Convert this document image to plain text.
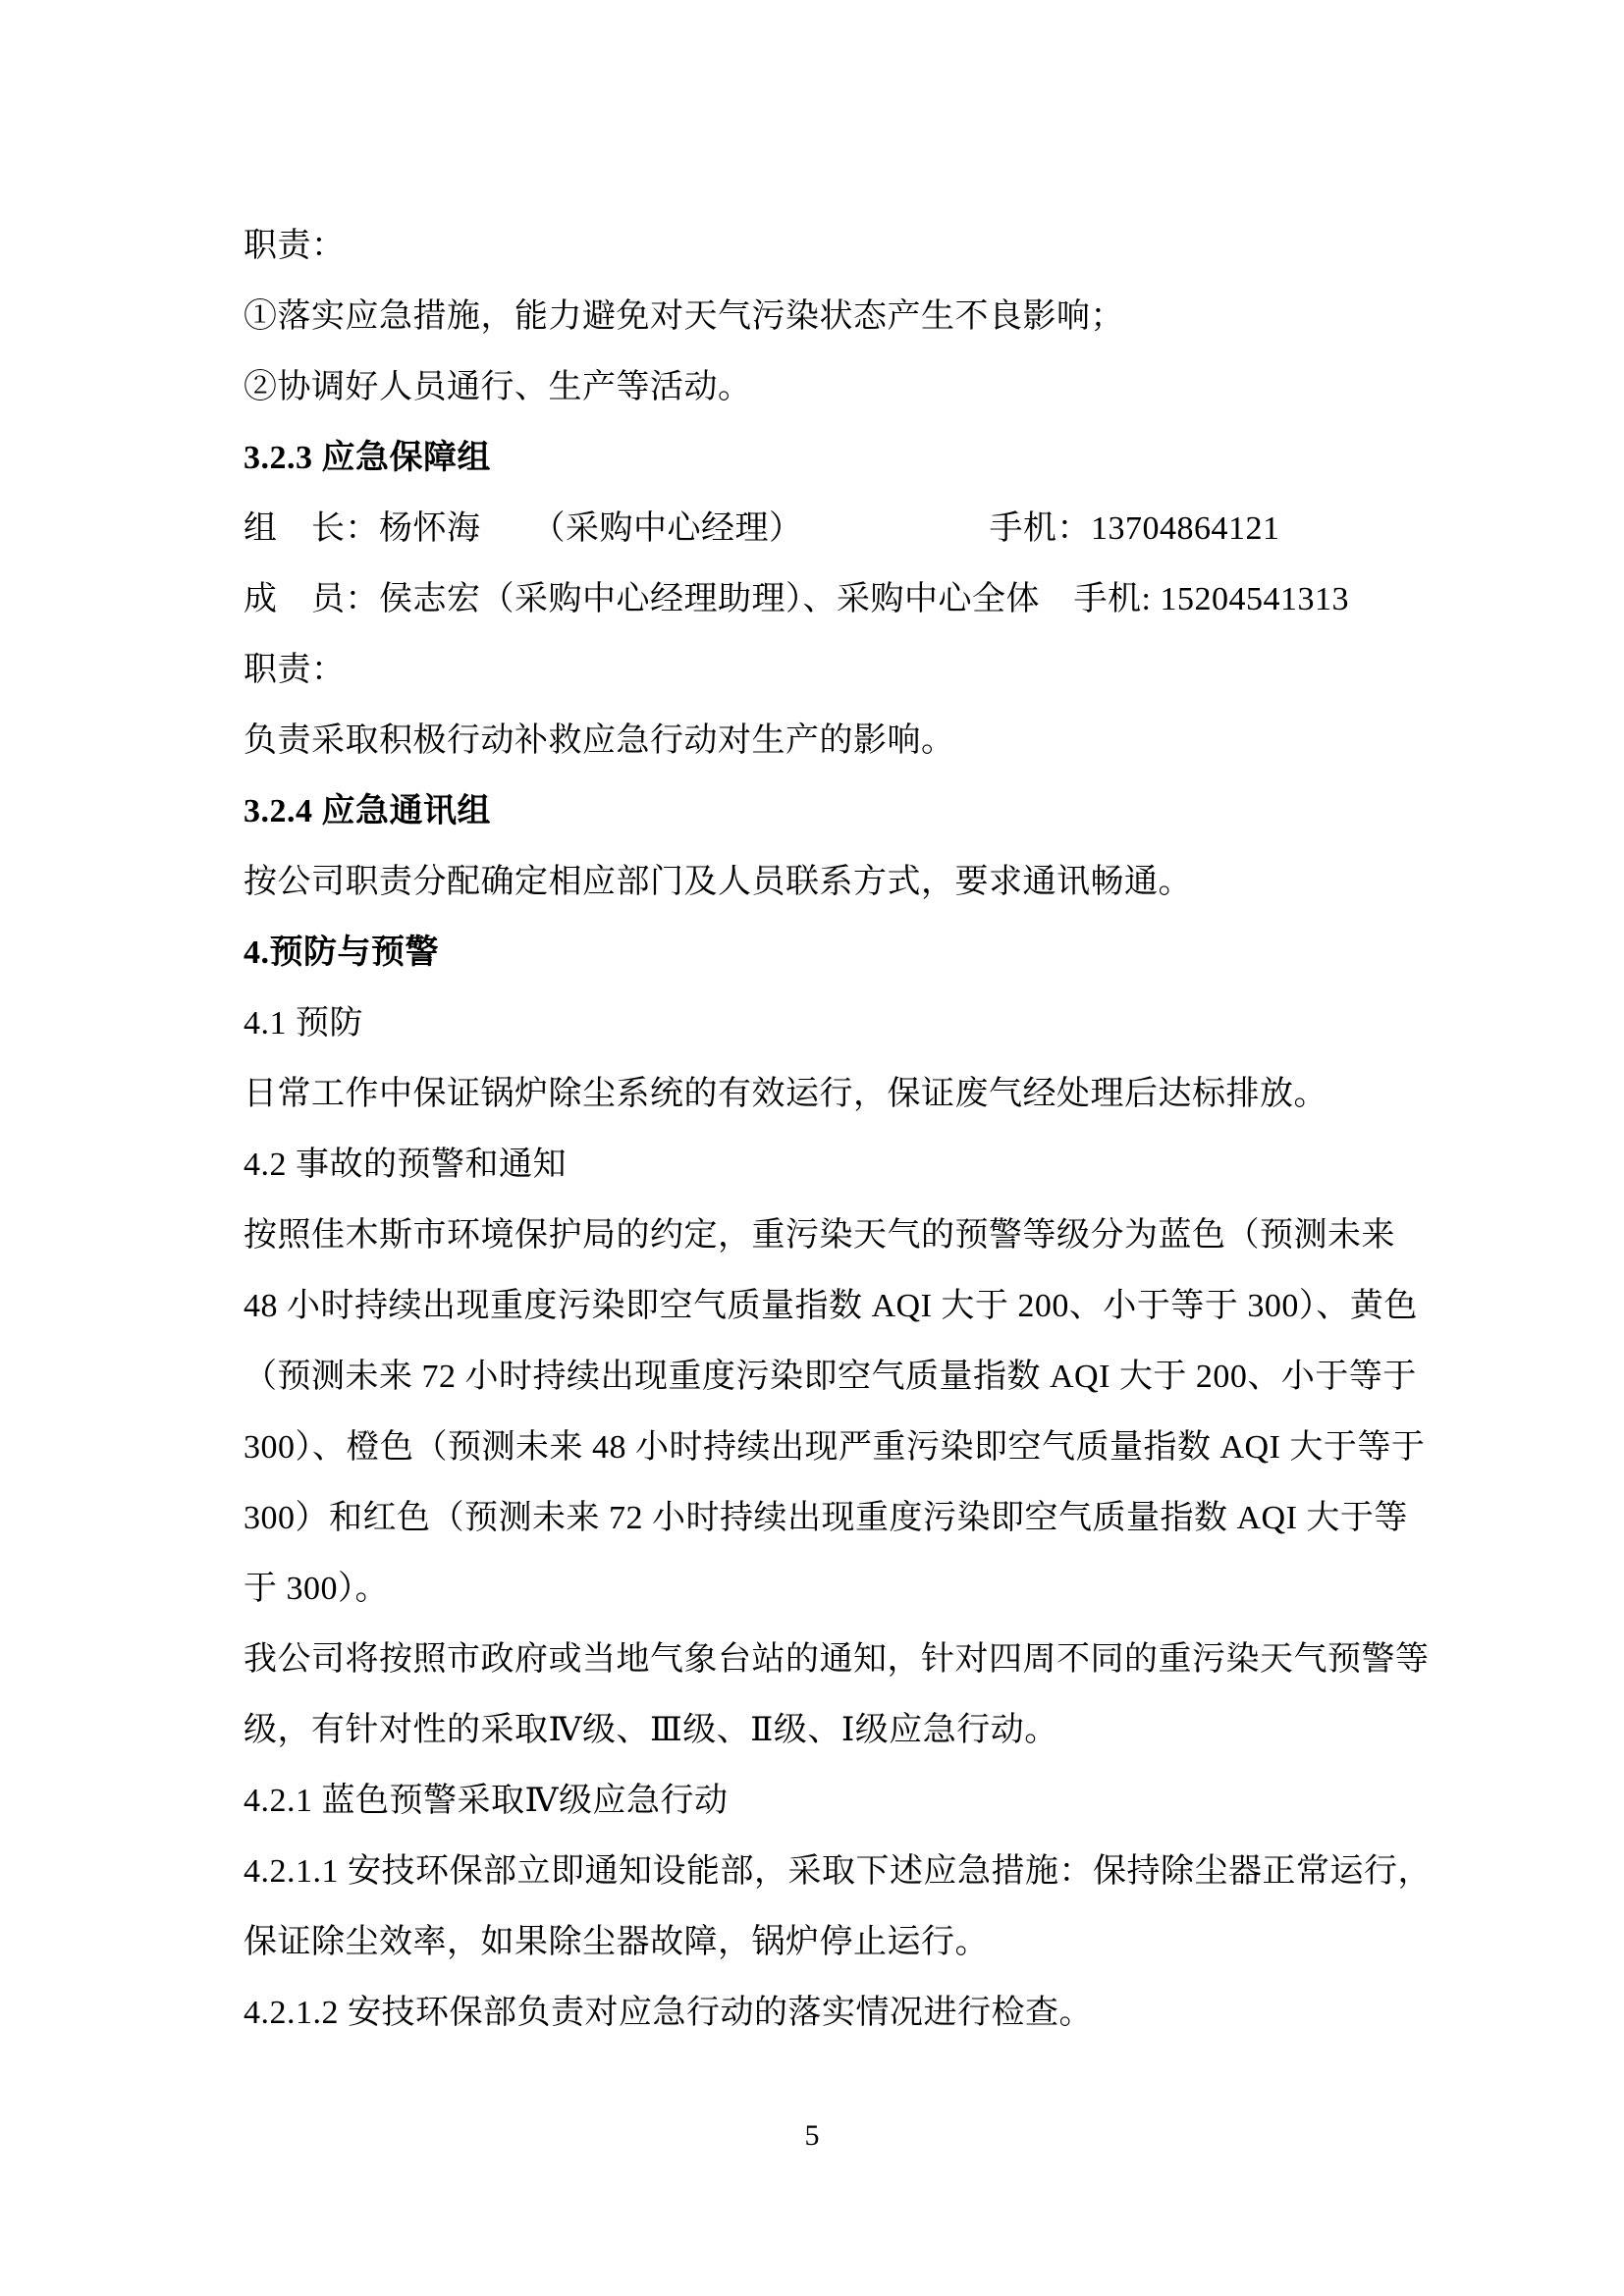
职责：
①落实应急措施，能力避免对天气污染状态产生不良影响；
②协调好人员通行、生产等活动。
3.2.3 应急保障组
组　长：杨怀海　　（采购中心经理）　　　　　　手机：13704864121
成　员：侯志宏（采购中心经理助理）、采购中心全体　手机: 15204541313
职责：
负责采取积极行动补救应急行动对生产的影响。
3.2.4 应急通讯组
按公司职责分配确定相应部门及人员联系方式，要求通讯畅通。
4.预防与预警
4.1 预防
日常工作中保证锅炉除尘系统的有效运行，保证废气经处理后达标排放。
4.2 事故的预警和通知
按照佳木斯市环境保护局的约定，重污染天气的预警等级分为蓝色（预测未来
48 小时持续出现重度污染即空气质量指数 AQI 大于 200、小于等于 300）、黄色
（预测未来 72 小时持续出现重度污染即空气质量指数 AQI 大于 200、小于等于
300）、橙色（预测未来 48 小时持续出现严重污染即空气质量指数 AQI 大于等于
300）和红色（预测未来 72 小时持续出现重度污染即空气质量指数 AQI 大于等
于 300）。
我公司将按照市政府或当地气象台站的通知，针对四周不同的重污染天气预警等
级，有针对性的采取Ⅳ级、Ⅲ级、Ⅱ级、Ⅰ级应急行动。
4.2.1 蓝色预警采取Ⅳ级应急行动
4.2.1.1 安技环保部立即通知设能部，采取下述应急措施：保持除尘器正常运行，
保证除尘效率，如果除尘器故障，锅炉停止运行。
4.2.1.2 安技环保部负责对应急行动的落实情况进行检查。
5
